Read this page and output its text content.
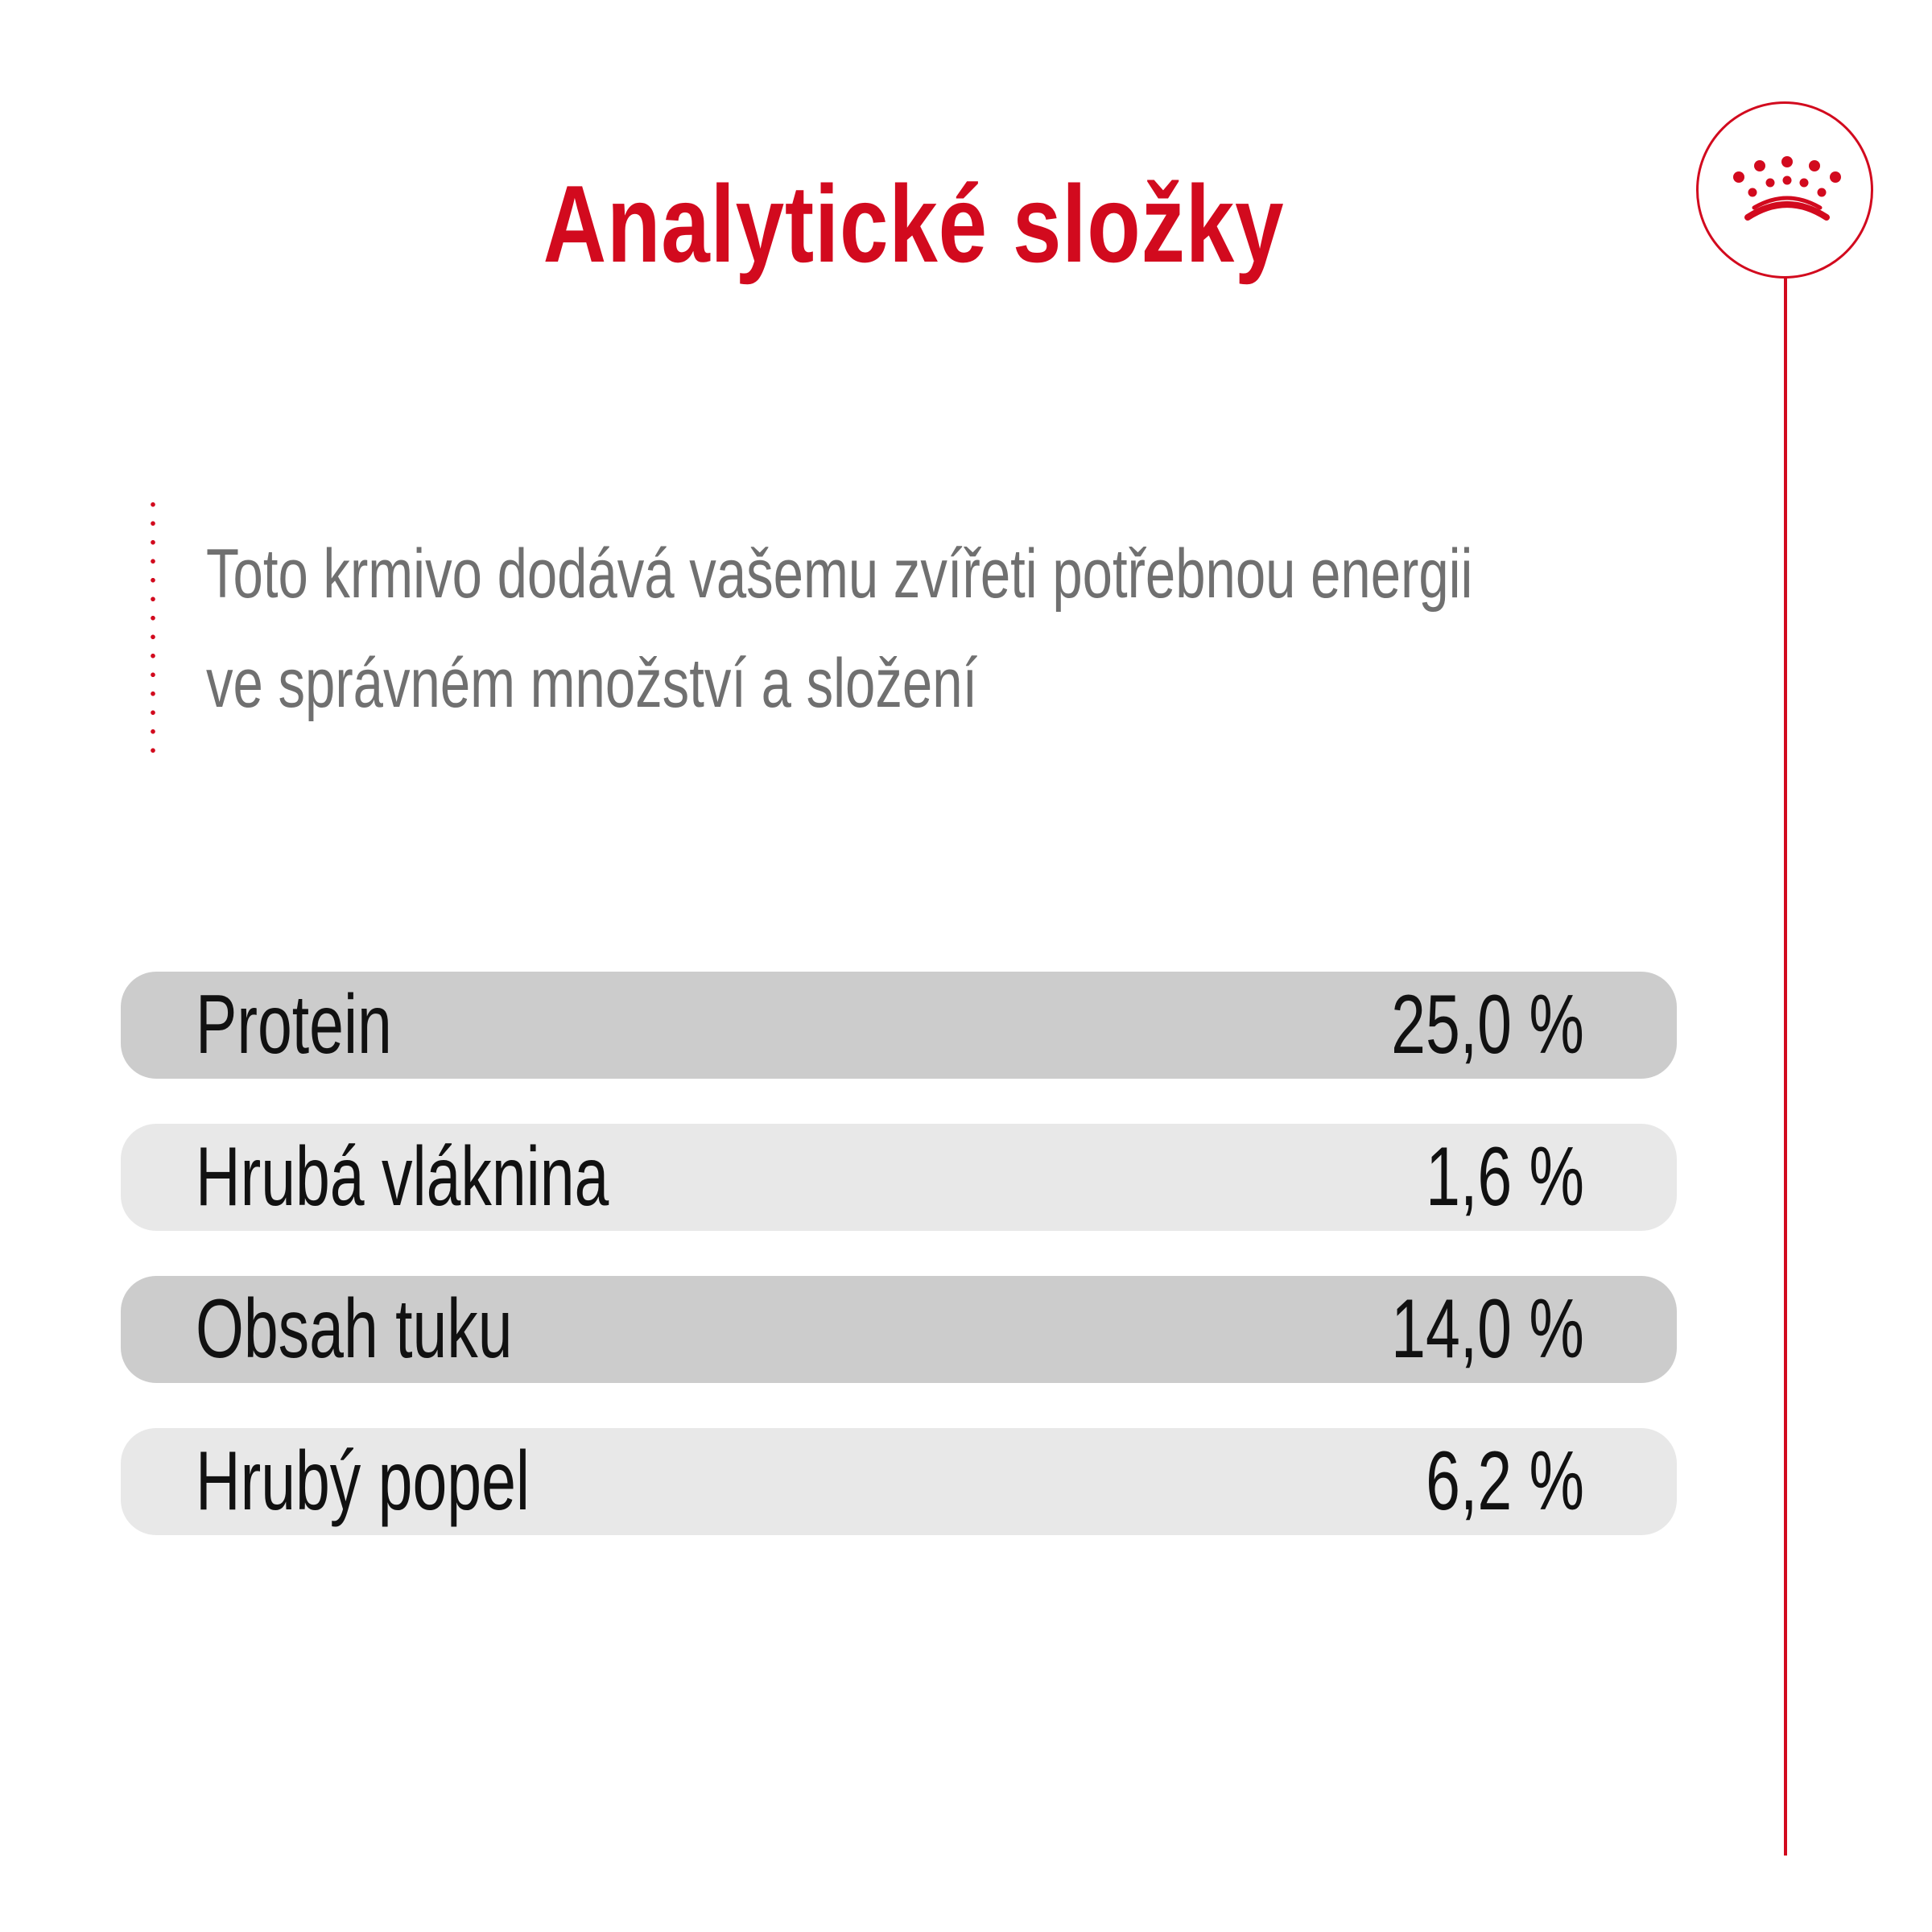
Analytické složky
Toto krmivo dodává vašemu zvířeti potřebnou energii
ve správném množství a složení
Protein	25,0 %
Hrubá vláknina	1,6 %
Obsah tuku	14,0 %
Hrubý popel	6,2 %
